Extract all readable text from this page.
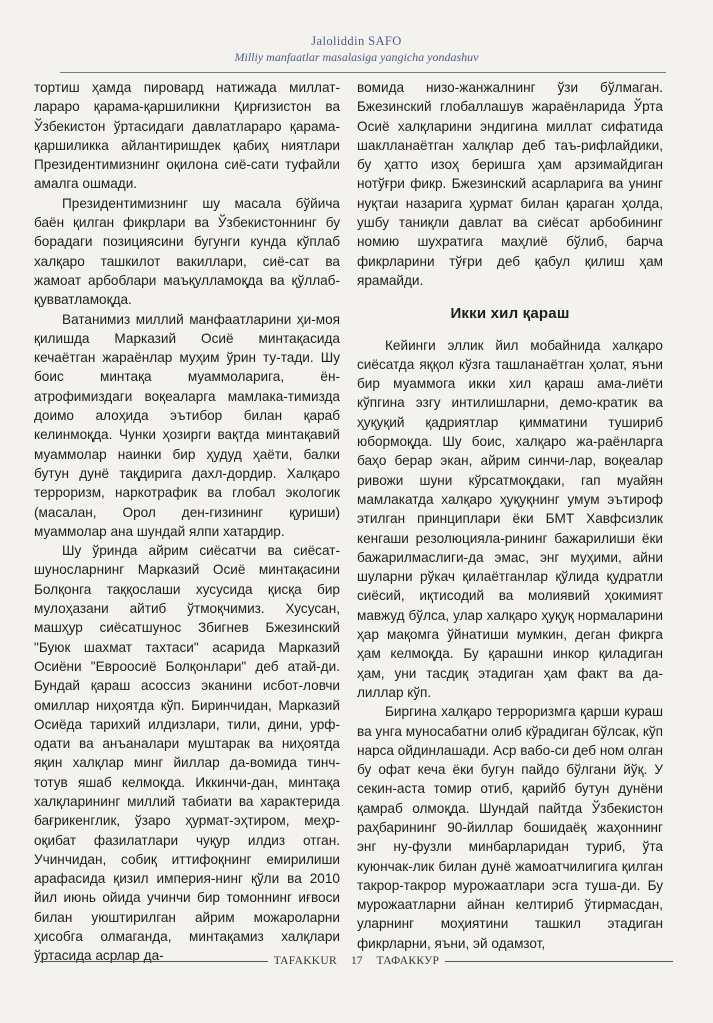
Jaloliddin SAFO
Milliy manfaatlar masalasiga yangicha yondashuv

тортиш ҳамда пировард натижада миллат-лараро қарама-қаршиликни Қирғизистон ва Ўзбекистон ўртасидаги давлатлараро қарама-қаршиликка айлантиришдек қабиҳ ниятлари Президентимизнинг оқилона сиё-сати туфайли амалга ошмади.

Президентимизнинг шу масала бўйича баён қилган фикрлари ва Ўзбекистоннинг бу борадаги позициясини бугунги кунда кўплаб халқаро ташкилот вакиллари, сиё-сат ва жамоат арбоблари маъқулламоқда ва қўллаб-қувватламоқда.

Ватанимиз миллий манфаатларини ҳи-моя қилишда Марказий Осиё минтақасида кечаётган жараёнлар муҳим ўрин ту-тади. Шу боис минтақа муаммоларига, ён-атрофимиздаги воқеаларга мамлака-тимизда доимо алоҳида эътибор билан қараб келинмоқда. Чунки ҳозирги вақтда минтақавий муаммолар наинки бир ҳудуд ҳаёти, балки бутун дунё тақдирига дахл-дордир. Халқаро терроризм, наркотрафик ва глобал экологик (масалан, Орол ден-гизининг қуриши) муаммолар ана шундай ялпи хатардир.

Шу ўринда айрим сиёсатчи ва сиёсат-шуносларнинг Марказий Осиё минтақасини Болқонга таққослаши хусусида қисқа бир мулоҳазани айтиб ўтмоқчимиз. Хусусан, машҳур сиёсатшунос Збигнев Бжезинский "Буюк шахмат тахтаси" асарида Марказий Осиёни "Евроосиё Болқонлари" деб атай-ди. Бундай қараш асоссиз эканини исбот-ловчи омиллар ниҳоятда кўп. Биринчидан, Марказий Осиёда тарихий илдизлари, тили, дини, урф-одати ва анъаналари муштарак ва ниҳоятда яқин халқлар минг йиллар да-вомида тинч-тотув яшаб келмоқда. Иккинчи-дан, минтақа халқларининг миллий табиати ва характерида бағрикенглик, ўзаро ҳурмат-эҳтиром, меҳр-оқибат фазилатлари чуқур илдиз отган. Учинчидан, собиқ иттифоқнинг емирилиши арафасида қизил империя-нинг қўли ва 2010 йил июнь ойида учинчи бир томоннинг иғвоси билан уюштирилган айрим можароларни ҳисобга олмаганда, минтақамиз халқлари ўртасида асрлар да-

вомида низо-жанжалнинг ўзи бўлмаган. Бжезинский глобаллашув жараёнларида Ўрта Осиё халқларини эндигина миллат сифатида шаклланаётган халқлар деб таъ-рифлайдики, бу ҳатто изоҳ беришга ҳам арзимайдиган нотўғри фикр. Бжезинский асарларига ва унинг нуқтаи назарига ҳурмат билан қараган ҳолда, ушбу таниқли давлат ва сиёсат арбобининг номию шухратига маҳлиё бўлиб, барча фикрларини тўғри деб қабул қилиш ҳам ярамайди.

Икки хил қараш

Кейинги эллик йил мобайнида халқаро сиёсатда яққол кўзга ташланаётган ҳолат, яъни бир муаммога икки хил қараш ама-лиёти кўпгина эзгу интилишларни, демо-кратик ва ҳуқуқий қадриятлар қимматини тушириб юбормоқда. Шу боис, халқаро жа-раёнларга баҳо берар экан, айрим синчи-лар, воқеалар ривожи шуни кўрсатмоқдаки, гап муайян мамлакатда халқаро ҳуқуқнинг умум эътироф этилган принциплари ёки БМТ Хавфсизлик кенгаши резолюцияла-рининг бажарилиши ёки бажарилмаслиги-да эмас, энг муҳими, айни шуларни рўкач қилаётганлар қўлида қудратли сиёсий, иқтисодий ва молиявий ҳокимият мавжуд бўлса, улар халқаро ҳуқуқ нормаларини ҳар мақомга ўйнатиши мумкин, деган фикрга ҳам келмоқда. Бу қарашни инкор қиладиган ҳам, уни тасдиқ этадиган ҳам факт ва да-лиллар кўп.

Биргина халқаро терроризмга қарши кураш ва унга муносабатни олиб кўрадиган бўлсак, кўп нарса ойдинлашади. Аср вабо-си деб ном олган бу офат кеча ёки бугун пайдо бўлгани йўқ. У секин-аста томир отиб, қарийб бутун дунёни қамраб олмоқда. Шундай пайтда Ўзбекистон раҳбарининг 90-йиллар бошидаёқ жаҳоннинг энг ну-фузли минбарларидан туриб, ўта куюнчак-лик билан дунё жамоатчилигига қилган такрор-такрор мурожаатлари эсга туша-ди. Бу мурожаатларни айнан келтириб ўтирмасдан, уларнинг моҳиятини ташкил этадиган фикрларни, яъни, эй одамзот,

TAFAKKUR	17	ТАФАККУР
